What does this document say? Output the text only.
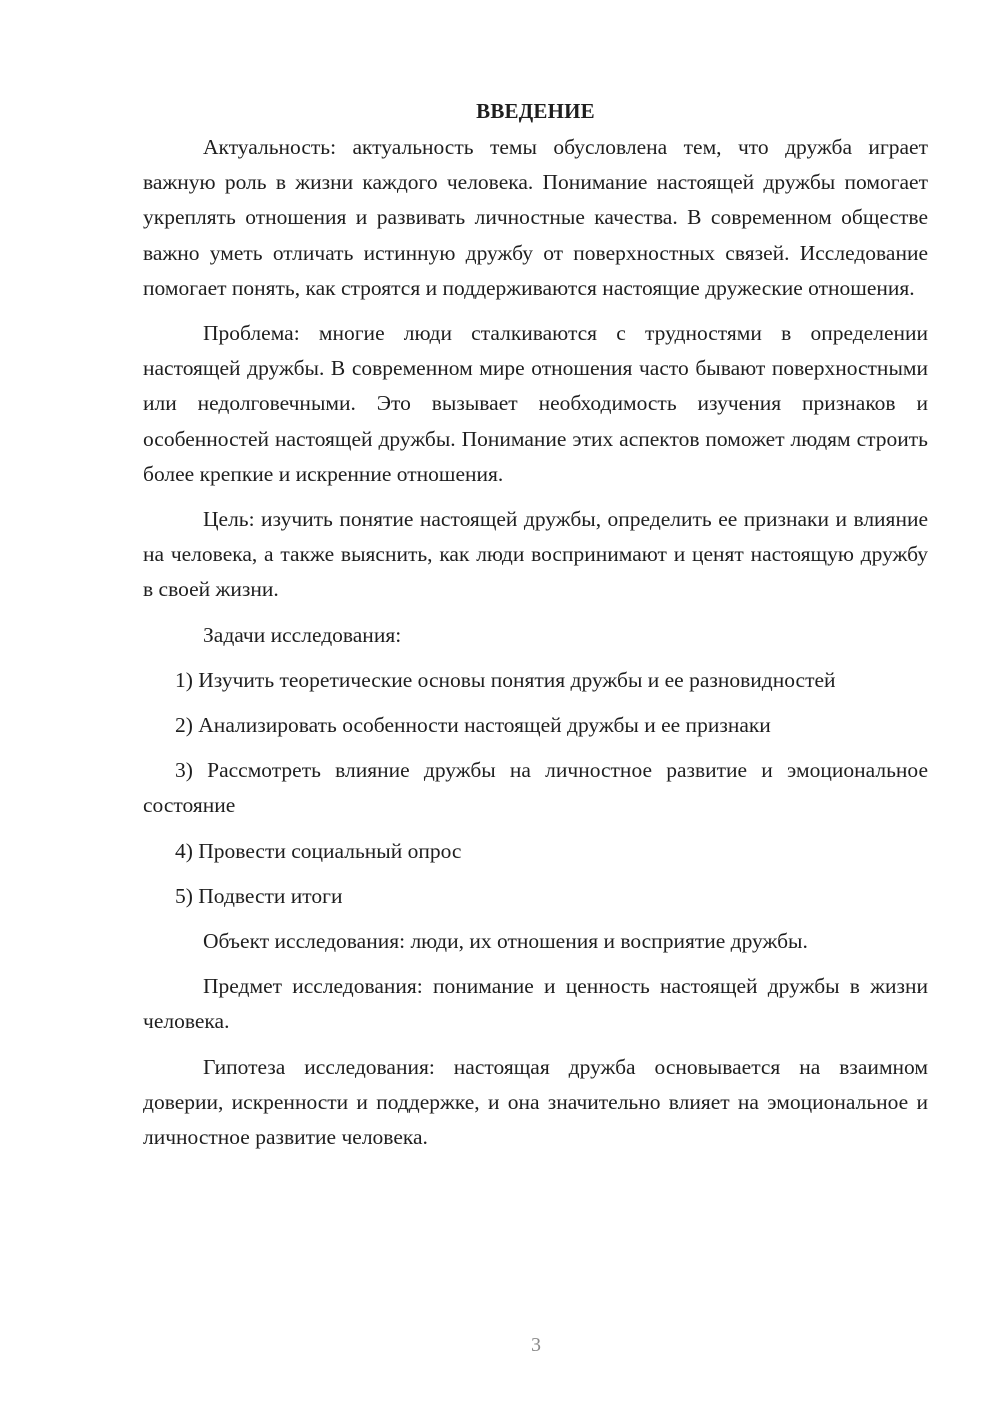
ВВЕДЕНИЕ

Актуальность: актуальность темы обусловлена тем, что дружба играет важную роль в жизни каждого человека. Понимание настоящей дружбы помогает укреплять отношения и развивать личностные качества. В современном обществе важно уметь отличать истинную дружбу от поверхностных связей. Исследование помогает понять, как строятся и поддерживаются настоящие дружеские отношения.

Проблема: многие люди сталкиваются с трудностями в определении настоящей дружбы. В современном мире отношения часто бывают поверхностными или недолговечными. Это вызывает необходимость изучения признаков и особенностей настоящей дружбы. Понимание этих аспектов поможет людям строить более крепкие и искренние отношения.

Цель: изучить понятие настоящей дружбы, определить ее признаки и влияние на человека, а также выяснить, как люди воспринимают и ценят настоящую дружбу в своей жизни.

Задачи исследования:

1) Изучить теоретические основы понятия дружбы и ее разновидностей

2) Анализировать особенности настоящей дружбы и ее признаки

3) Рассмотреть влияние дружбы на личностное развитие и эмоциональное состояние

4) Провести социальный опрос

5) Подвести итоги

Объект исследования: люди, их отношения и восприятие дружбы.

Предмет исследования: понимание и ценность настоящей дружбы в жизни человека.

Гипотеза исследования: настоящая дружба основывается на взаимном доверии, искренности и поддержке, и она значительно влияет на эмоциональное и личностное развитие человека.

3
